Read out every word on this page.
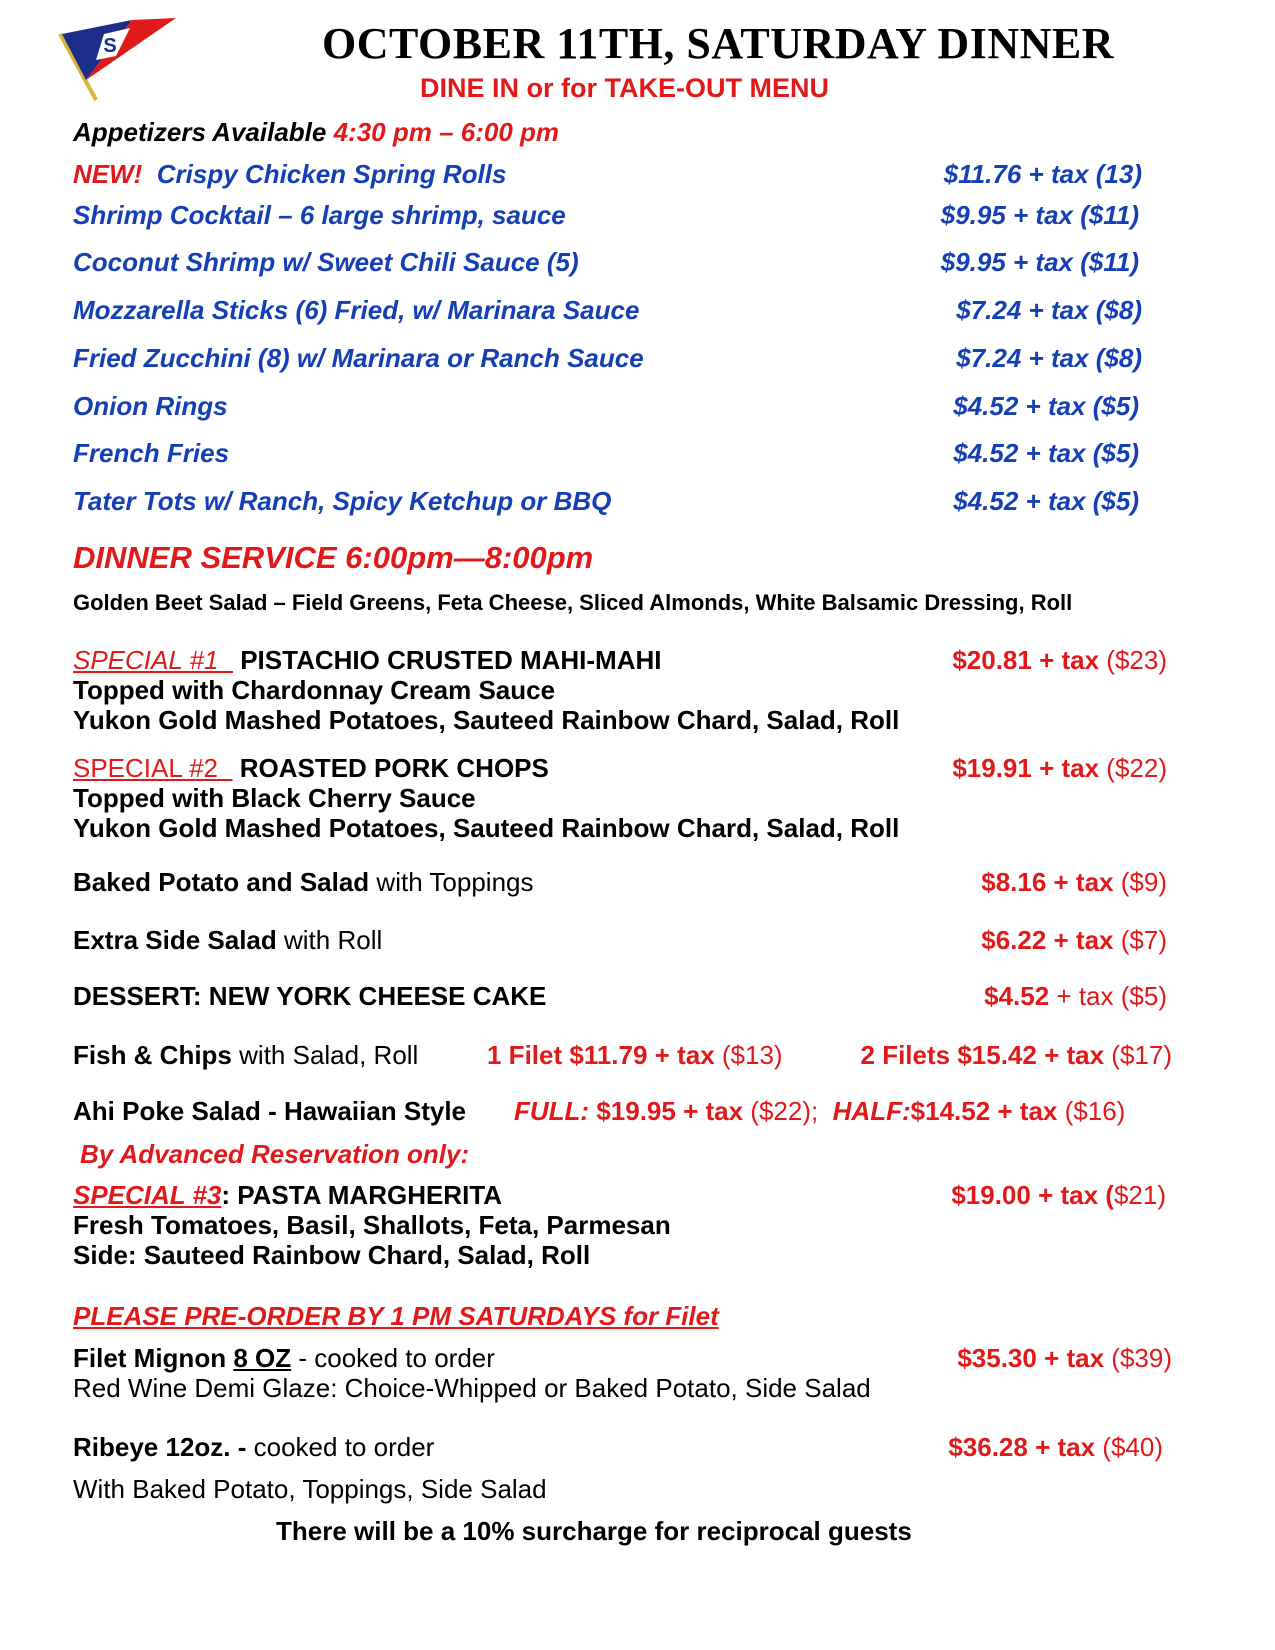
S	OCTOBER 11TH, SATURDAY DINNER
DINE IN or for TAKE-OUT MENU
Appetizers Available 4:30 pm – 6:00 pm
NEW! Crispy Chicken Spring Rolls	$11.76 + tax (13)
Shrimp Cocktail – 6 large shrimp, sauce	$9.95 + tax ($11)
Coconut Shrimp w/ Sweet Chili Sauce (5)	$9.95 + tax ($11)
Mozzarella Sticks (6) Fried, w/ Marinara Sauce	$7.24 + tax ($8)
Fried Zucchini (8) w/ Marinara or Ranch Sauce	$7.24 + tax ($8)
Onion Rings	$4.52 + tax ($5)
French Fries	$4.52 + tax ($5)
Tater Tots w/ Ranch, Spicy Ketchup or BBQ	$4.52 + tax ($5)
DINNER SERVICE 6:00pm—8:00pm
Golden Beet Salad – Field Greens, Feta Cheese, Sliced Almonds, White Balsamic Dressing, Roll
SPECIAL #1 PISTACHIO CRUSTED MAHI-MAHI	$20.81 + tax ($23)
Topped with Chardonnay Cream Sauce
Yukon Gold Mashed Potatoes, Sauteed Rainbow Chard, Salad, Roll
SPECIAL #2 ROASTED PORK CHOPS	$19.91 + tax ($22)
Topped with Black Cherry Sauce
Yukon Gold Mashed Potatoes, Sauteed Rainbow Chard, Salad, Roll
Baked Potato and Salad with Toppings	$8.16 + tax ($9)
Extra Side Salad with Roll	$6.22 + tax ($7)
DESSERT: NEW YORK CHEESE CAKE	$4.52 + tax ($5)
Fish & Chips with Salad, Roll	1 Filet $11.79 + tax ($13)	2 Filets $15.42 + tax ($17)
Ahi Poke Salad - Hawaiian Style FULL: $19.95 + tax ($22); HALF:$14.52 + tax ($16)
By Advanced Reservation only:
SPECIAL #3: PASTA MARGHERITA	$19.00 + tax ($21)
Fresh Tomatoes, Basil, Shallots, Feta, Parmesan
Side: Sauteed Rainbow Chard, Salad, Roll
PLEASE PRE-ORDER BY 1 PM SATURDAYS for Filet
Filet Mignon 8 OZ - cooked to order	$35.30 + tax ($39)
Red Wine Demi Glaze: Choice-Whipped or Baked Potato, Side Salad
Ribeye 12oz. - cooked to order	$36.28 + tax ($40)
With Baked Potato, Toppings, Side Salad
There will be a 10% surcharge for reciprocal guests
